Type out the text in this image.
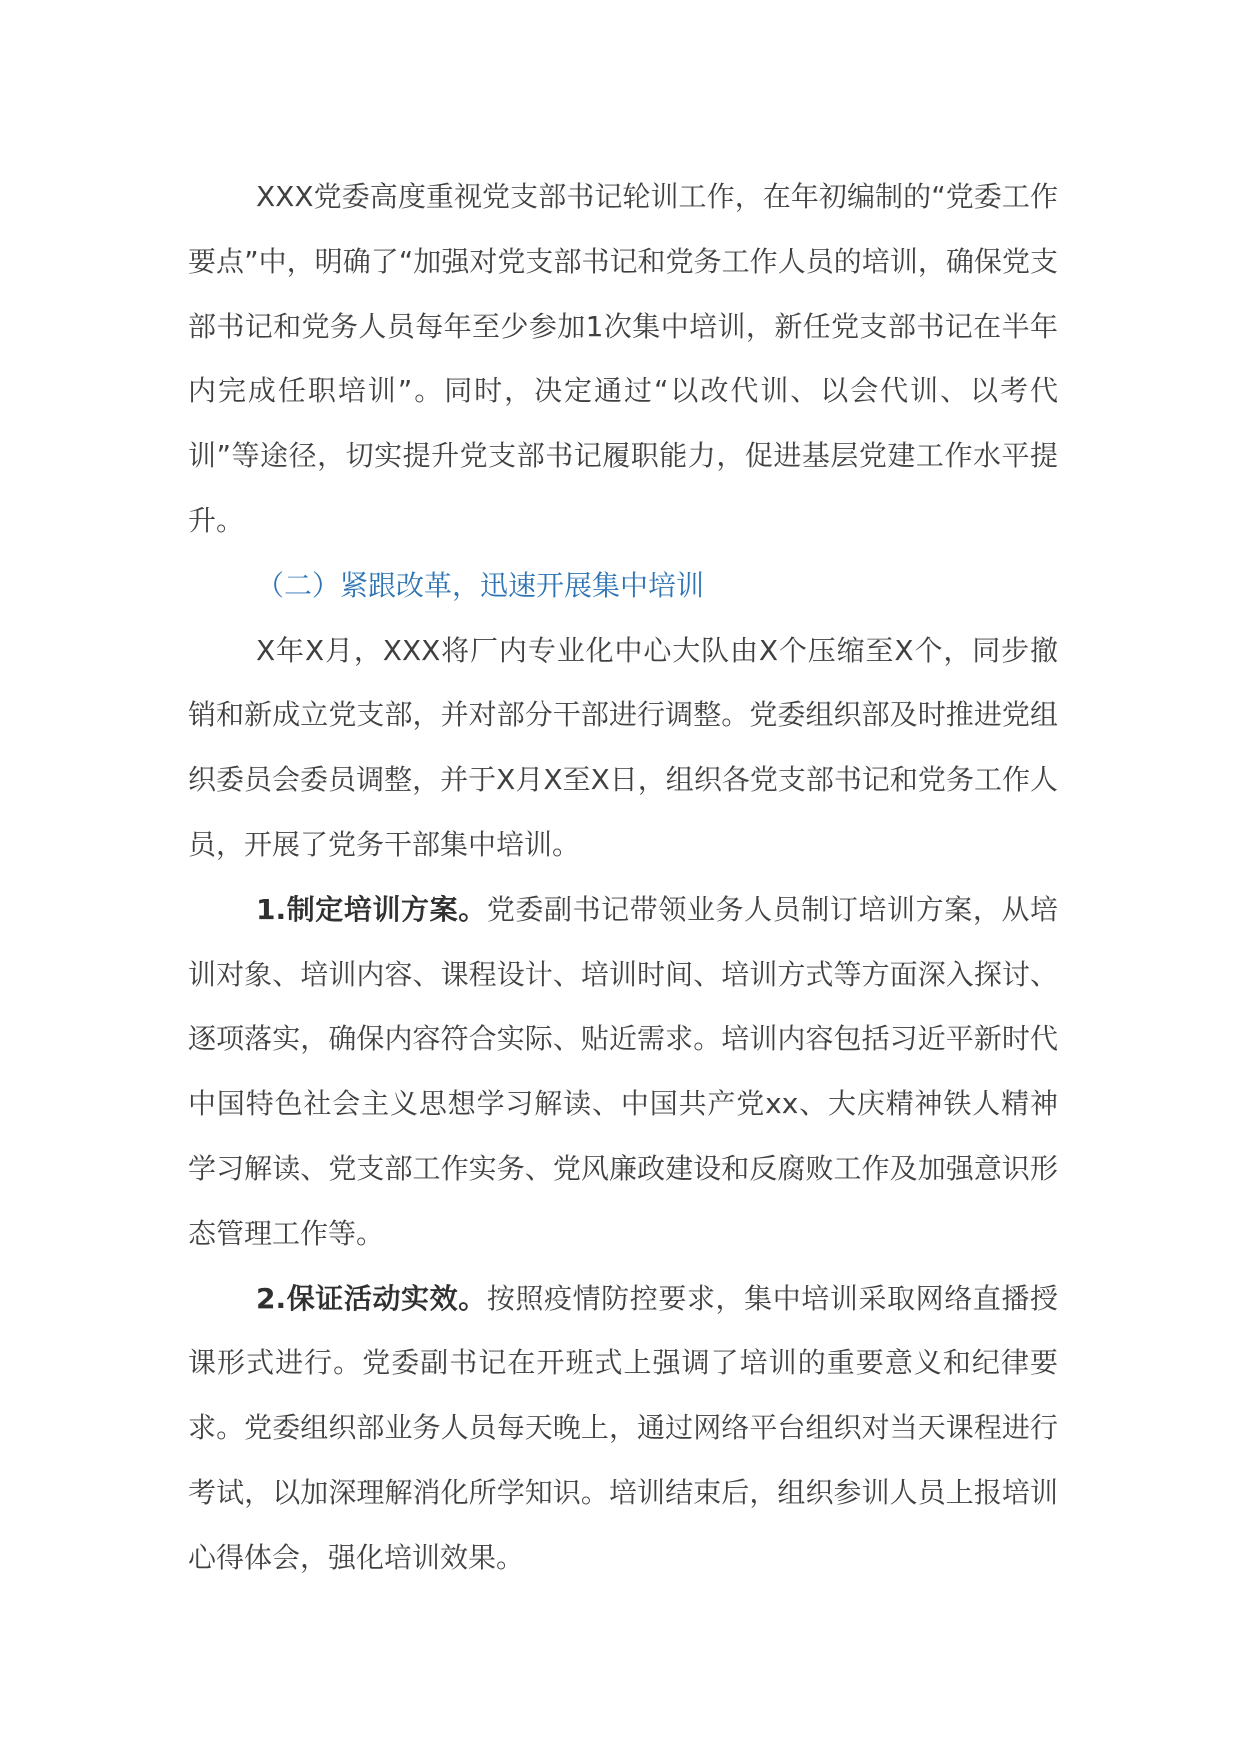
XXX党委高度重视党支部书记轮训工作，在年初编制的“党委工作要点”中，明确了“加强对党支部书记和党务工作人员的培训，确保党支部书记和党务人员每年至少参加1次集中培训，新任党支部书记在半年内完成任职培训”。同时，决定通过“以改代训、以会代训、以考代训”等途径，切实提升党支部书记履职能力，促进基层党建工作水平提升。

（二）紧跟改革，迅速开展集中培训

X年X月，XXX将厂内专业化中心大队由X个压缩至X个，同步撤销和新成立党支部，并对部分干部进行调整。党委组织部及时推进党组织委员会委员调整，并于X月X至X日，组织各党支部书记和党务工作人员，开展了党务干部集中培训。

1.制定培训方案。党委副书记带领业务人员制订培训方案，从培训对象、培训内容、课程设计、培训时间、培训方式等方面深入探讨、逐项落实，确保内容符合实际、贴近需求。培训内容包括习近平新时代中国特色社会主义思想学习解读、中国共产党xx、大庆精神铁人精神学习解读、党支部工作实务、党风廉政建设和反腐败工作及加强意识形态管理工作等。

2.保证活动实效。按照疫情防控要求，集中培训采取网络直播授课形式进行。党委副书记在开班式上强调了培训的重要意义和纪律要求。党委组织部业务人员每天晚上，通过网络平台组织对当天课程进行考试，以加深理解消化所学知识。培训结束后，组织参训人员上报培训心得体会，强化培训效果。
